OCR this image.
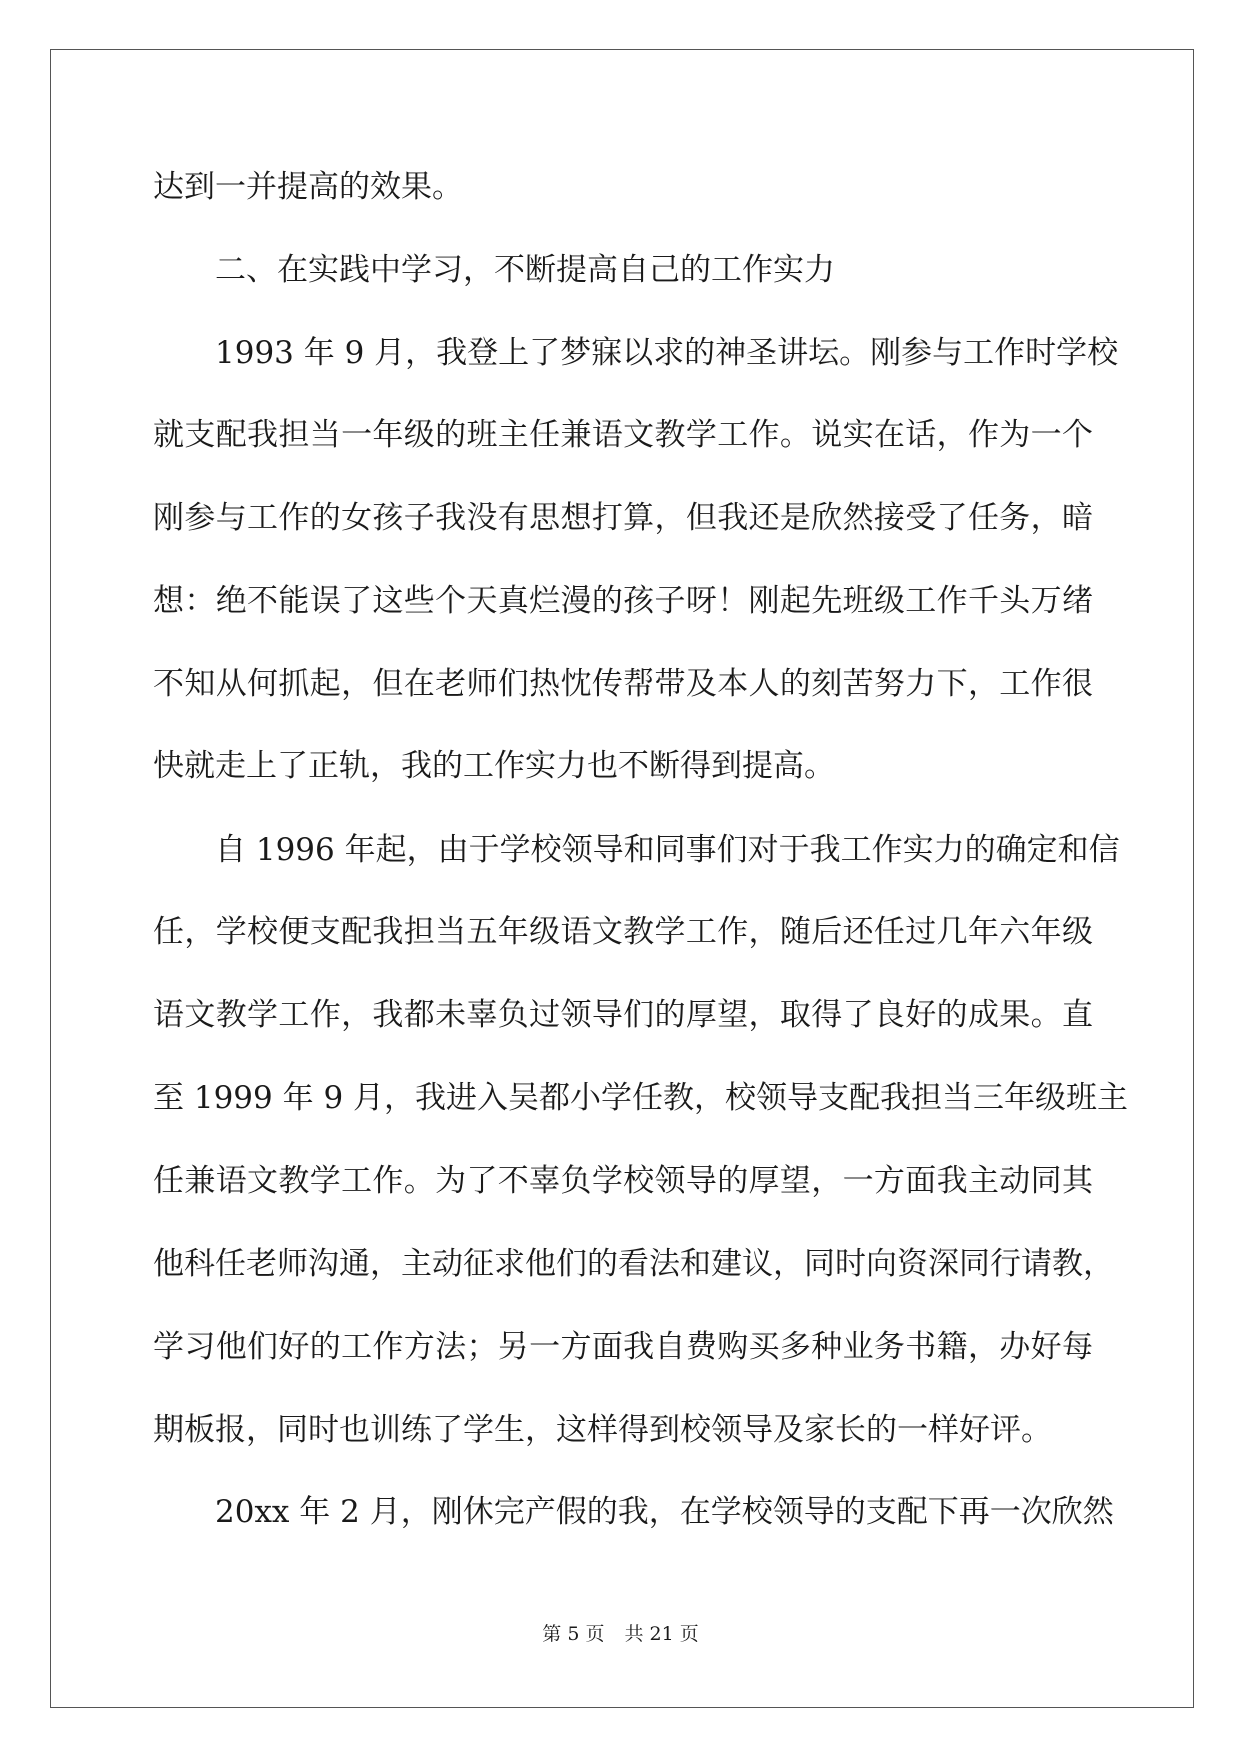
达到一并提高的效果。
二、在实践中学习，不断提高自己的工作实力
1993 年 9 月，我登上了梦寐以求的神圣讲坛。刚参与工作时学校
就支配我担当一年级的班主任兼语文教学工作。说实在话，作为一个
刚参与工作的女孩子我没有思想打算，但我还是欣然接受了任务，暗
想：绝不能误了这些个天真烂漫的孩子呀！刚起先班级工作千头万绪
不知从何抓起，但在老师们热忱传帮带及本人的刻苦努力下，工作很
快就走上了正轨，我的工作实力也不断得到提高。
自 1996 年起，由于学校领导和同事们对于我工作实力的确定和信
任，学校便支配我担当五年级语文教学工作，随后还任过几年六年级
语文教学工作，我都未辜负过领导们的厚望，取得了良好的成果。直
至 1999 年 9 月，我进入吴都小学任教，校领导支配我担当三年级班主
任兼语文教学工作。为了不辜负学校领导的厚望，一方面我主动同其
他科任老师沟通，主动征求他们的看法和建议，同时向资深同行请教，
学习他们好的工作方法；另一方面我自费购买多种业务书籍，办好每
期板报，同时也训练了学生，这样得到校领导及家长的一样好评。
20xx 年 2 月，刚休完产假的我，在学校领导的支配下再一次欣然
第 5 页 共 21 页
